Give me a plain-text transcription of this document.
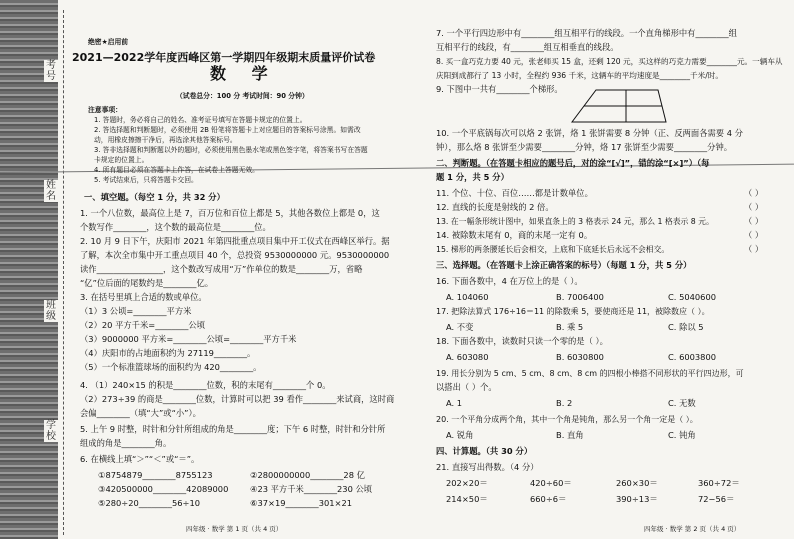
考号
姓名
班级
学校
绝密★启用前
2021—2022学年度西峰区第一学期四年级期末质量评价试卷
数 学
（试卷总分：100 分 考试时间：90 分钟）
注意事项：
1. 答题时，务必将自己的姓名、准考证号填写在答题卡规定的位置上。
2. 答选择题和判断题时，必须使用 2B 铅笔将答题卡上对应题目的答案标号涂黑。如需改
动，用橡皮擦擦干净后，再选涂其他答案标号。
3. 答非选择题和判断题以外的题时，必须使用黑色墨水笔或黑色签字笔，将答案书写在答题
卡规定的位置上。
4. 所有题目必须在答题卡上作答，在试卷上答题无效。
5. 考试结束后，只将答题卡交回。
一、填空题。（每空 1 分，共 32 分）
1. 一个八位数，最高位上是 7，百万位和百位上都是 5，其他各数位上都是 0，这
个数写作________，这个数的最高位是________位。
2. 10 月 9 日下午，庆阳市 2021 年第四批重点项目集中开工仪式在西峰区举行。据
了解，本次全市集中开工重点项目 40 个，总投资 9530000000 元。9530000000
读作________________，这个数改写成用“万”作单位的数是________万，省略
“亿”位后面的尾数约是________亿。
3. 在括号里填上合适的数或单位。
（1）3 公顷=________平方米
（2）20 平方千米=________公顷
（3）9000000 平方米=________公顷=________平方千米
（4）庆阳市的占地面积约为 27119________。
（5）一个标准篮球场的面积约为 420________。
4. （1）240×15 的积是________位数，积的末尾有________个 0。
（2）273÷39 的商是________位数，计算时可以把 39 看作________来试商，这时商
会偏________（填“大”或“小”）。
5. 上午 9 时整，时针和分针所组成的角是________度；下午 6 时整，时针和分针所
组成的角是________角。
6. 在横线上填“＞”“＜”或“＝”。
①8754879________8755123	②2800000000________28 亿
③420500000________42089000	④23 平方千米________230 公顷
⑤280÷20________56÷10	⑥37×19________301×21
四年级 · 数学 第 1 页（共 4 页）
7. 一个平行四边形中有________组互相平行的线段。一个直角梯形中有________组
互相平行的线段，有________组互相垂直的线段。
8. 买一盒巧克力要 40 元，张老师买 15 盒，还剩 120 元，买这样的巧克力需要________元。一辆车从
庆阳到成都行了 13 小时，全程约 936 千米，这辆车的平均速度是________千米/时。
9. 下图中一共有________个梯形。
10. 一个平底锅每次可以烙 2 张饼，烙 1 张饼需要 8 分钟（正、反两面各需要 4 分
钟），那么烙 8 张饼至少需要________分钟，烙 17 张饼至少需要________分钟。
二、判断题。（在答题卡相应的题号后，对的涂“[√]”，错的涂“[×]”）（每
题 1 分，共 5 分）
11. 个位、十位、百位……都是计数单位。	（ ）
12. 直线的长度是射线的 2 倍。	（ ）
13. 在一幅条形统计图中，如果直条上的 3 格表示 24 元，那么 1 格表示 8 元。	（ ）
14. 被除数末尾有 0，商的末尾一定有 0。	（ ）
15. 梯形的两条腰延长后会相交，上底和下底延长后永远不会相交。	（ ）
三、选择题。（在答题卡上涂正确答案的标号）（每题 1 分，共 5 分）
16. 下面各数中，4 在万位上的是（ ）。
A. 104060	B. 7006400	C. 5040600
17. 把除法算式 176÷16＝11 的除数乘 5，要使商还是 11，被除数应（ ）。
A. 不变	B. 乘 5	C. 除以 5
18. 下面各数中，读数时只读一个零的是（ ）。
A. 603080	B. 6030800	C. 6003800
19. 用长分别为 5 cm、5 cm、8 cm、8 cm 的四根小棒搭不同形状的平行四边形，可
以搭出（ ）个。
A. 1	B. 2	C. 无数
20. 一个平角分成两个角，其中一个角是钝角，那么另一个角一定是（ ）。
A. 锐角	B. 直角	C. 钝角
四、计算题。（共 30 分）
21. 直接写出得数。（4 分）
202×20＝	420÷60＝	260×30＝	360÷72＝
214×50＝	660÷6＝	390÷13＝	72−56＝
四年级 · 数学 第 2 页（共 4 页）
